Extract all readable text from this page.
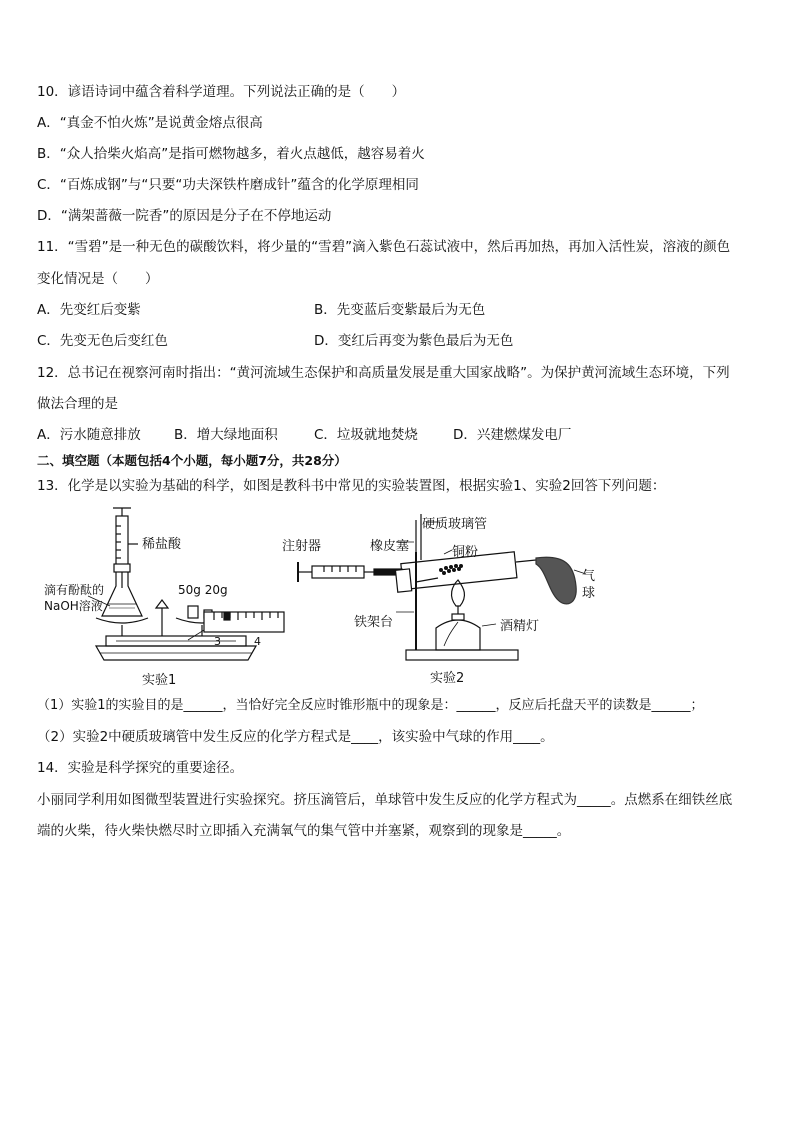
10．谚语诗词中蕴含着科学道理。下列说法正确的是（　　）
A．“真金不怕火炼”是说黄金熔点很高
B．“众人拾柴火焰高”是指可燃物越多，着火点越低，越容易着火
C．“百炼成钢”与“只要“功夫深铁杵磨成针”蕴含的化学原理相同
D．“满架蔷薇一院香”的原因是分子在不停地运动
11．“雪碧”是一种无色的碳酸饮料，将少量的“雪碧”滴入紫色石蕊试液中，然后再加热，再加入活性炭，溶液的颜色
变化情况是（　　）
A．先变红后变紫	B．先变蓝后变紫最后为无色
C．先变无色后变红色	D．变红后再变为紫色最后为无色
12．总书记在视察河南时指出：“黄河流域生态保护和高质量发展是重大国家战略”。为保护黄河流域生态环境，下列
做法合理的是
A．污水随意排放 B．增大绿地面积	C．垃圾就地焚烧	D．兴建燃煤发电厂
二、填空题（本题包括4个小题，每小题7分，共28分）
13．化学是以实验为基础的科学，如图是教科书中常见的实验装置图，根据实验1、实验2回答下列问题：
稀盐酸
滴有酚酞的
NaOH溶液
50g 20g
3	4
实验1
注射器	橡皮塞
硬质玻璃管
铜粉
气
球
铁架台	酒精灯
实验2
（1）实验1的实验目的是______，当恰好完全反应时锥形瓶中的现象是：______，反应后托盘天平的读数是______；
（2）实验2中硬质玻璃管中发生反应的化学方程式是____，该实验中气球的作用____。
14．实验是科学探究的重要途径。
小丽同学利用如图微型装置进行实验探究。挤压滴管后，单球管中发生反应的化学方程式为_____。点燃系在细铁丝底
端的火柴，待火柴快燃尽时立即插入充满氧气的集气管中并塞紧，观察到的现象是_____。
